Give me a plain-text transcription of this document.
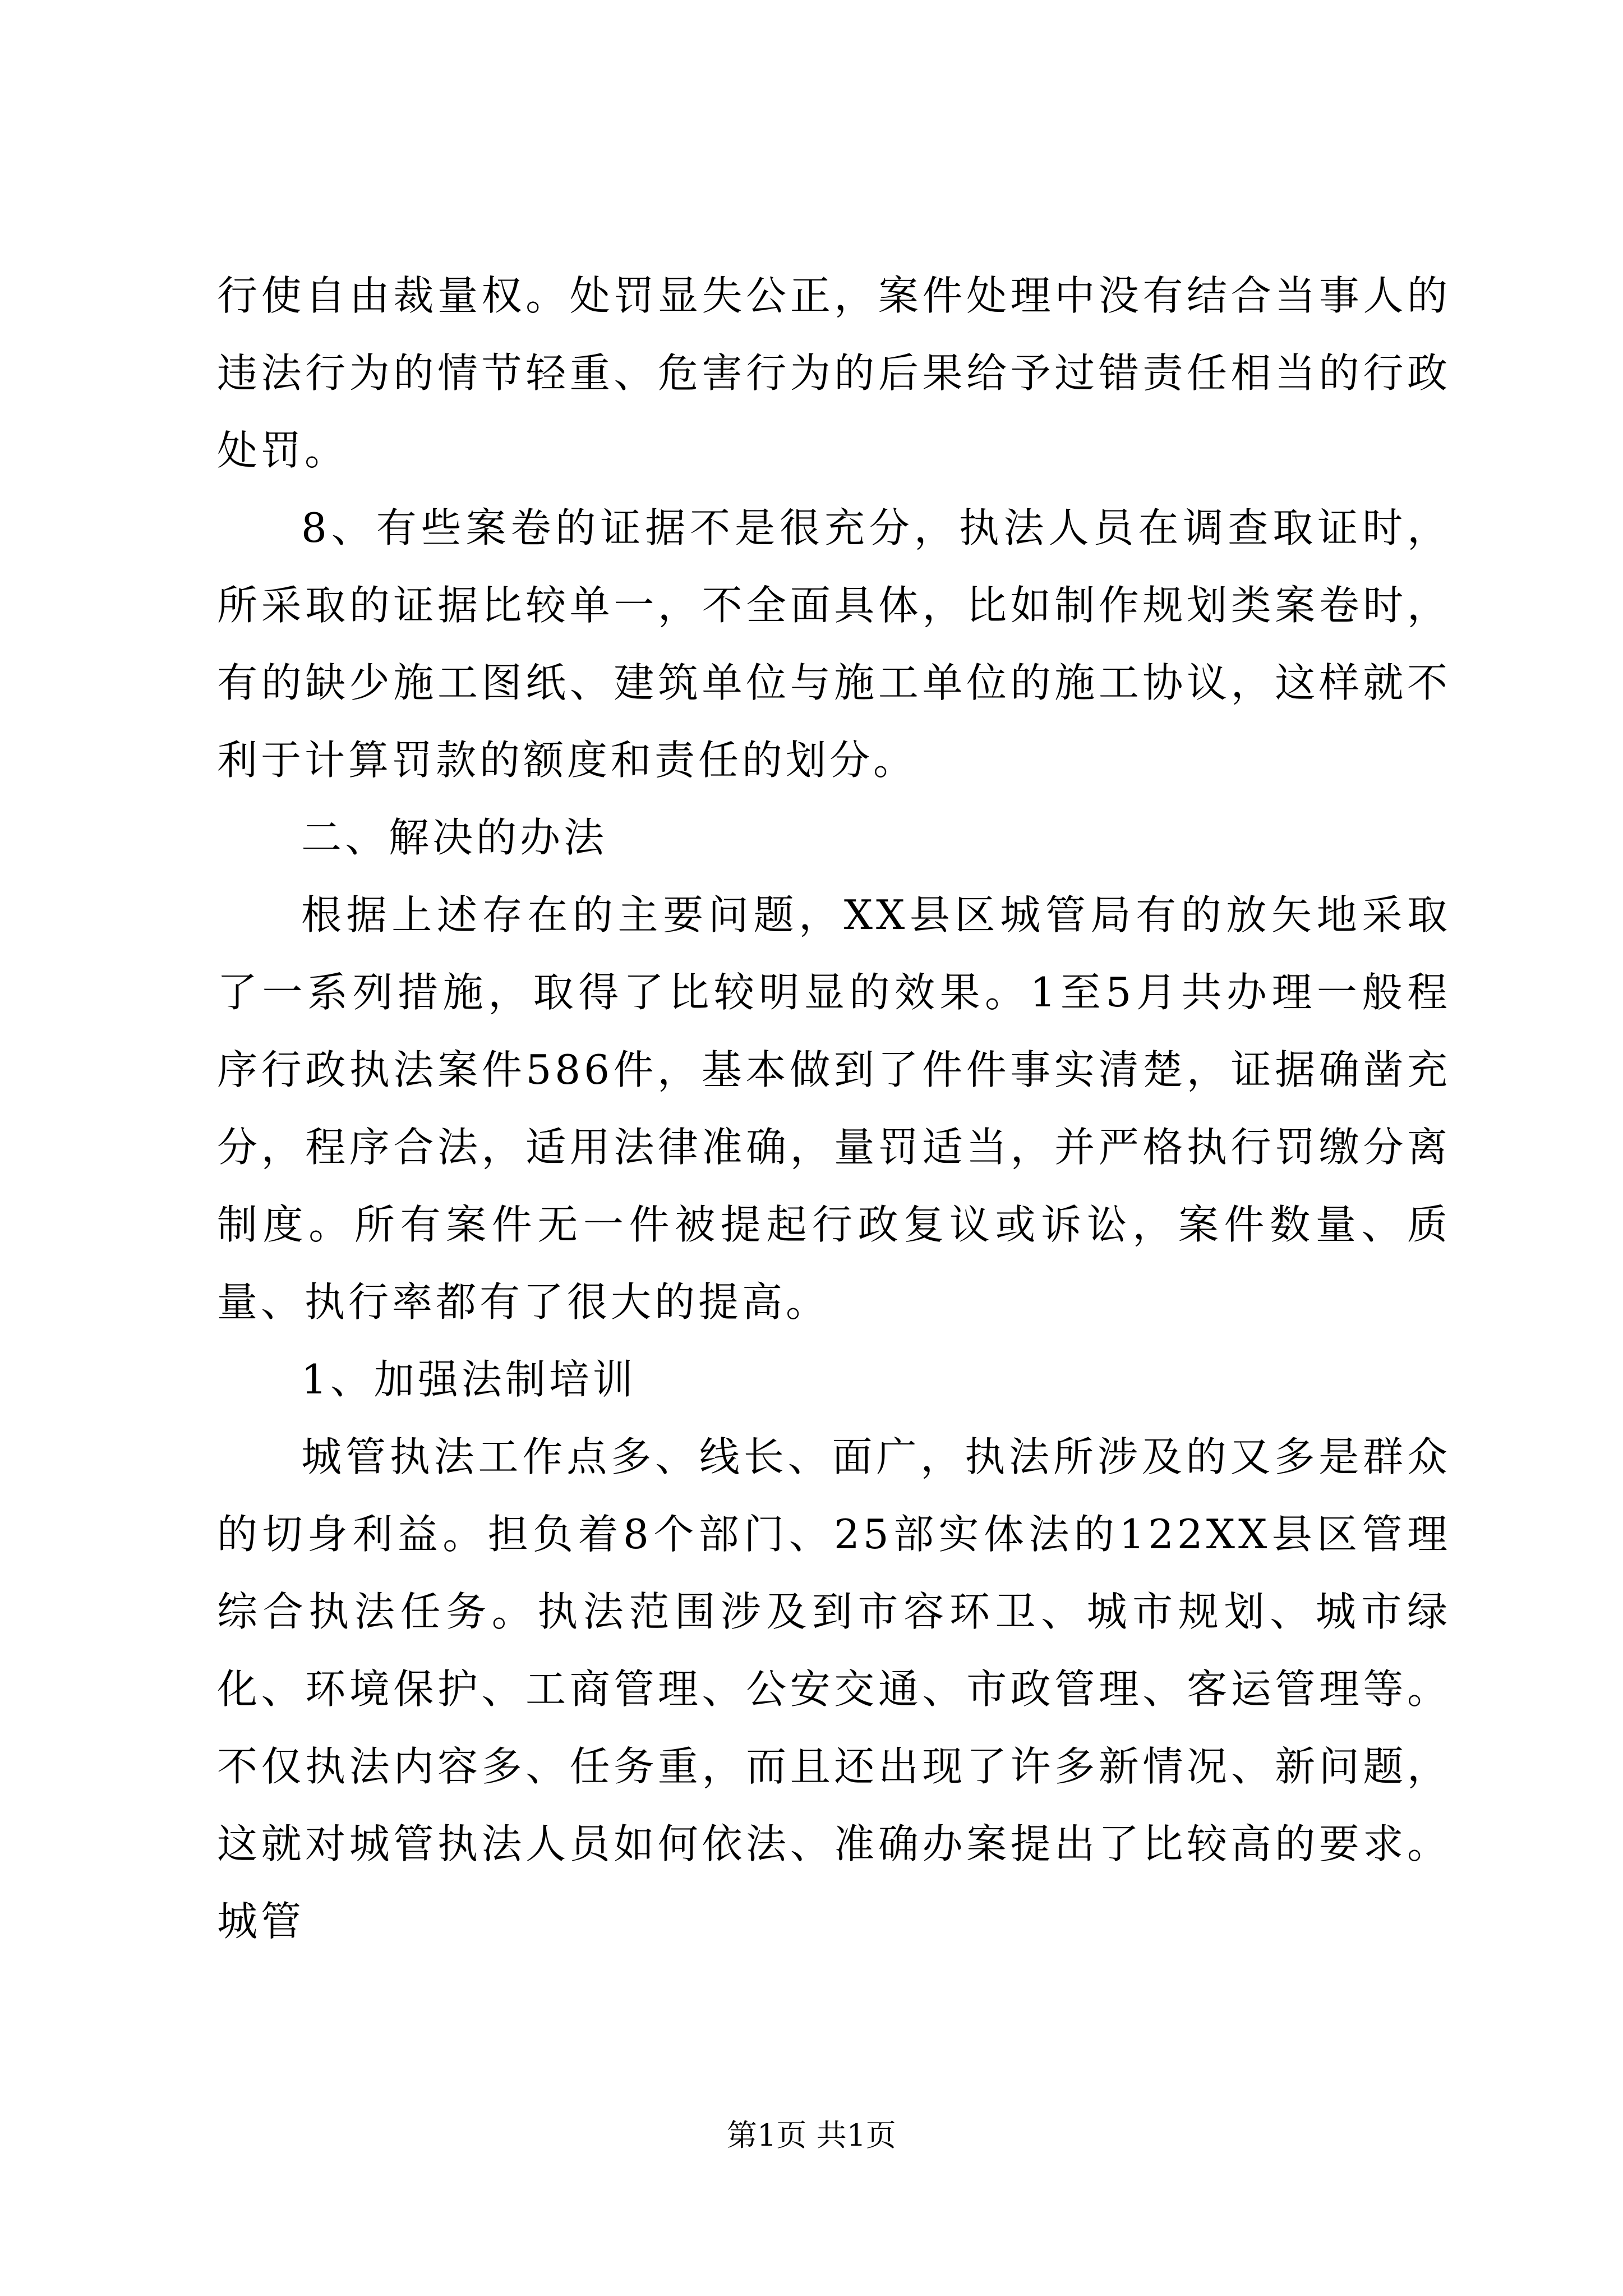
行使自由裁量权。处罚显失公正，案件处理中没有结合当事人的违法行为的情节轻重、危害行为的后果给予过错责任相当的行政处罚。

8、有些案卷的证据不是很充分，执法人员在调查取证时，所采取的证据比较单一，不全面具体，比如制作规划类案卷时，有的缺少施工图纸、建筑单位与施工单位的施工协议，这样就不利于计算罚款的额度和责任的划分。

二、解决的办法

根据上述存在的主要问题，XX县区城管局有的放矢地采取了一系列措施，取得了比较明显的效果。1至5月共办理一般程序行政执法案件586件，基本做到了件件事实清楚，证据确凿充分，程序合法，适用法律准确，量罚适当，并严格执行罚缴分离制度。所有案件无一件被提起行政复议或诉讼，案件数量、质量、执行率都有了很大的提高。

1、加强法制培训

城管执法工作点多、线长、面广，执法所涉及的又多是群众的切身利益。担负着8个部门、25部实体法的122XX县区管理综合执法任务。执法范围涉及到市容环卫、城市规划、城市绿化、环境保护、工商管理、公安交通、市政管理、客运管理等。不仅执法内容多、任务重，而且还出现了许多新情况、新问题，这就对城管执法人员如何依法、准确办案提出了比较高的要求。城管

第1页 共1页
